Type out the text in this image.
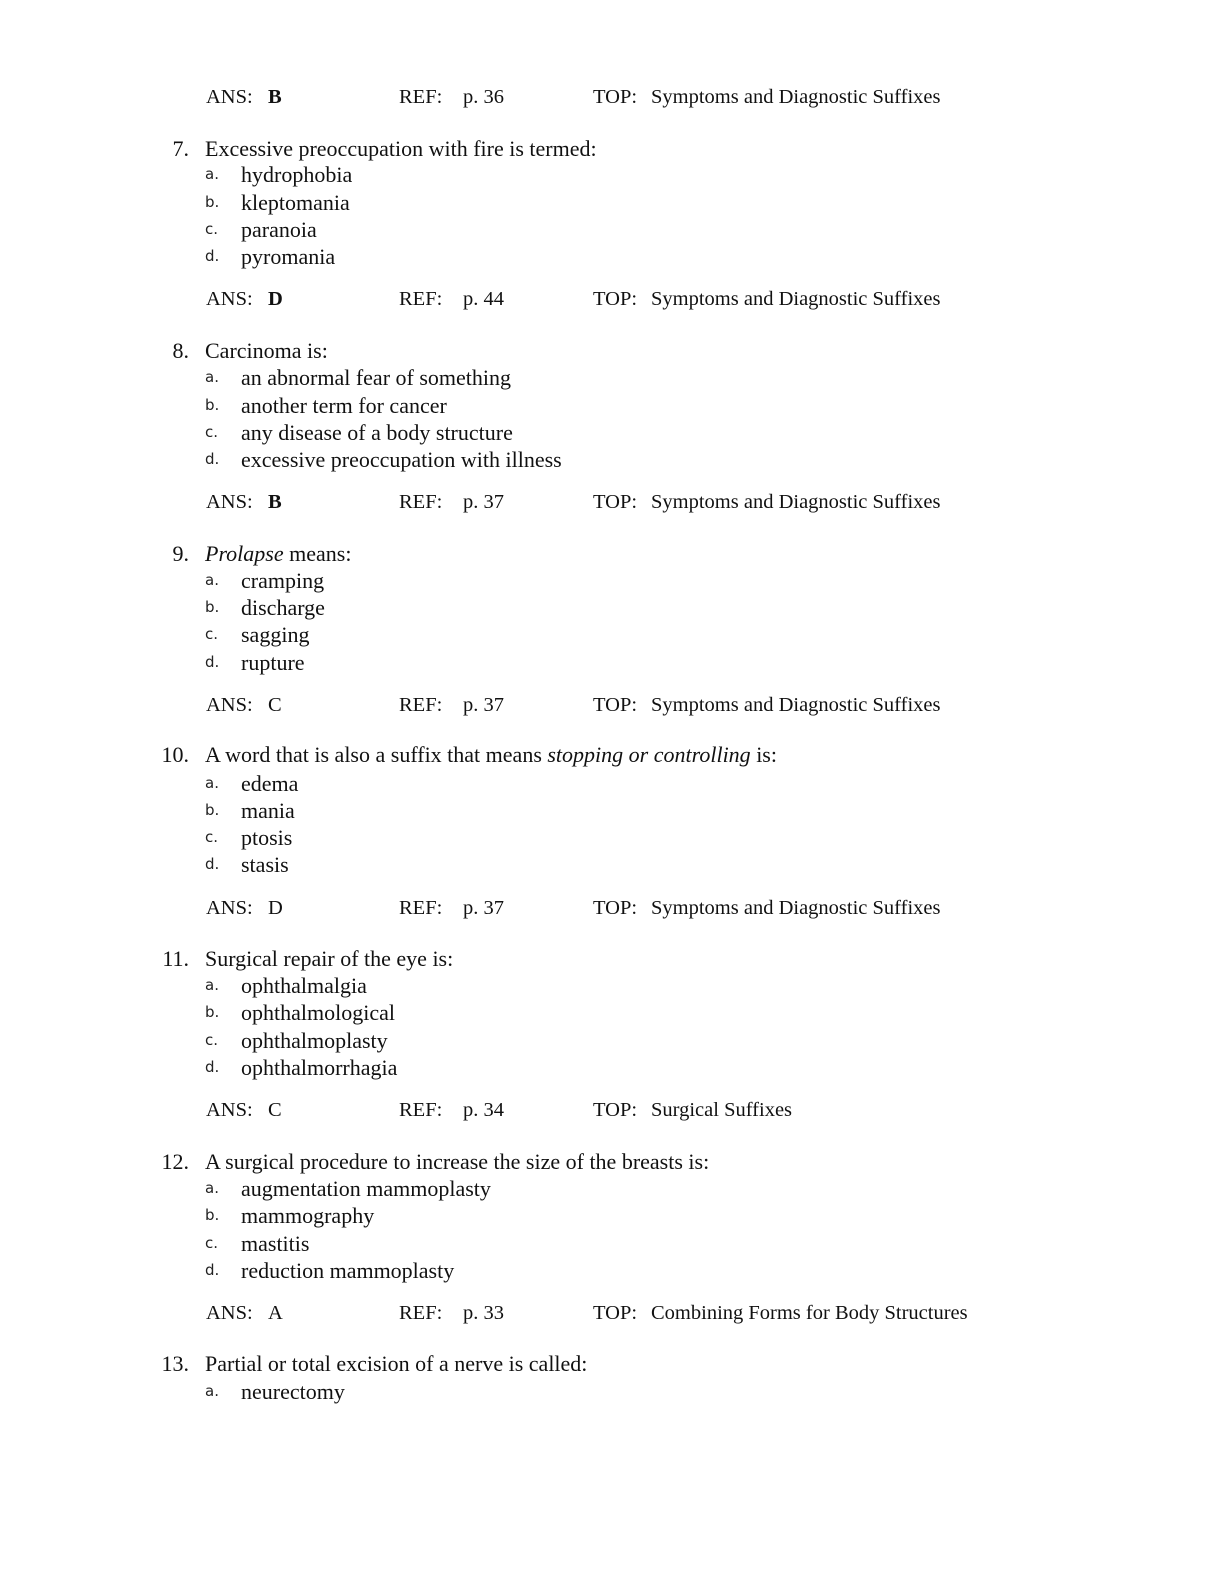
ANS: B	REF: p. 36	TOP: Symptoms and Diagnostic Suffixes
7. Excessive preoccupation with fire is termed:
a. hydrophobia
b. kleptomania
c. paranoia
d. pyromania
ANS: D	REF: p. 44	TOP: Symptoms and Diagnostic Suffixes
8. Carcinoma is:
a. an abnormal fear of something
b. another term for cancer
c. any disease of a body structure
d. excessive preoccupation with illness
ANS: B	REF: p. 37	TOP: Symptoms and Diagnostic Suffixes
9. Prolapse means:
a. cramping
b. discharge
c. sagging
d. rupture
ANS: C	REF: p. 37	TOP: Symptoms and Diagnostic Suffixes
10. A word that is also a suffix that means stopping or controlling is:
a. edema
b. mania
c. ptosis
d. stasis
ANS: D	REF: p. 37	TOP: Symptoms and Diagnostic Suffixes
11. Surgical repair of the eye is:
a. ophthalmalgia
b. ophthalmological
c. ophthalmoplasty
d. ophthalmorrhagia
ANS: C	REF: p. 34	TOP: Surgical Suffixes
12. A surgical procedure to increase the size of the breasts is:
a. augmentation mammoplasty
b. mammography
c. mastitis
d. reduction mammoplasty
ANS: A	REF: p. 33	TOP: Combining Forms for Body Structures
13. Partial or total excision of a nerve is called:
a. neurectomy
